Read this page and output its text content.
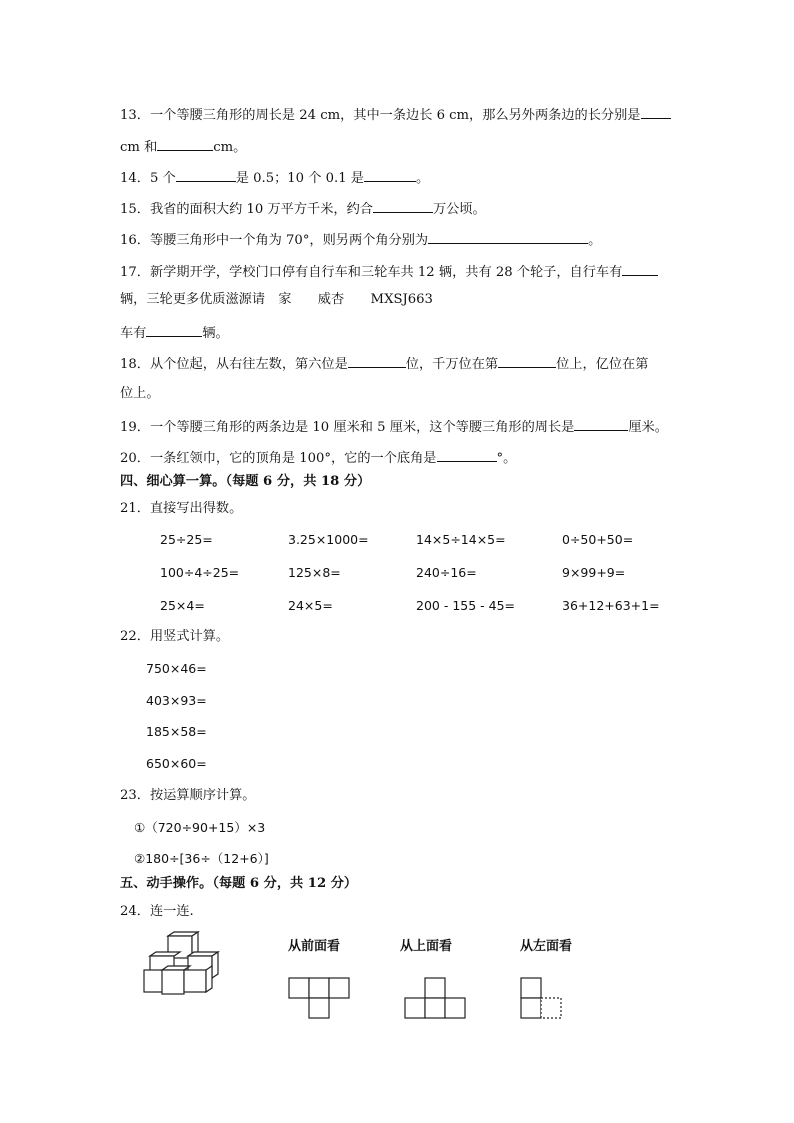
13．一个等腰三角形的周长是 24 cm，其中一条边长 6 cm，那么另外两条边的长分别是
cm 和	cm。
14．5 个	是 0.5；10 个 0.1 是	。
15．我省的面积大约 10 万平方千米，约合	万公顷。
16．等腰三角形中一个角为 70°，则另两个角分别为	。
17．新学期开学，学校门口停有自行车和三轮车共 12 辆，共有 28 个轮子，自行车有
辆，三轮更多优质滋源请　家　　威杏　　MXSJ663
车有	辆。
18．从个位起，从右往左数，第六位是	位，千万位在第	位上，亿位在第
位上。
19．一个等腰三角形的两条边是 10 厘米和 5 厘米，这个等腰三角形的周长是	厘米。
20．一条红领巾，它的顶角是 100°，它的一个底角是	°。
四、细心算一算。（每题 6 分，共 18 分）
21．直接写出得数。
25÷25=	3.25×1000=	14×5÷14×5=	0÷50+50=
100÷4÷25=	125×8=	240÷16=	9×99+9=
25×4=	24×5=	200 - 155 - 45=	36+12+63+1=
22．用竖式计算。
750×46=
403×93=
185×58=
650×60=
23．按运算顺序计算。
①（720÷90+15）×3
②180÷[36÷（12+6）]
五、动手操作。（每题 6 分，共 12 分）
24．连一连.
从前面看	从上面看	从左面看
